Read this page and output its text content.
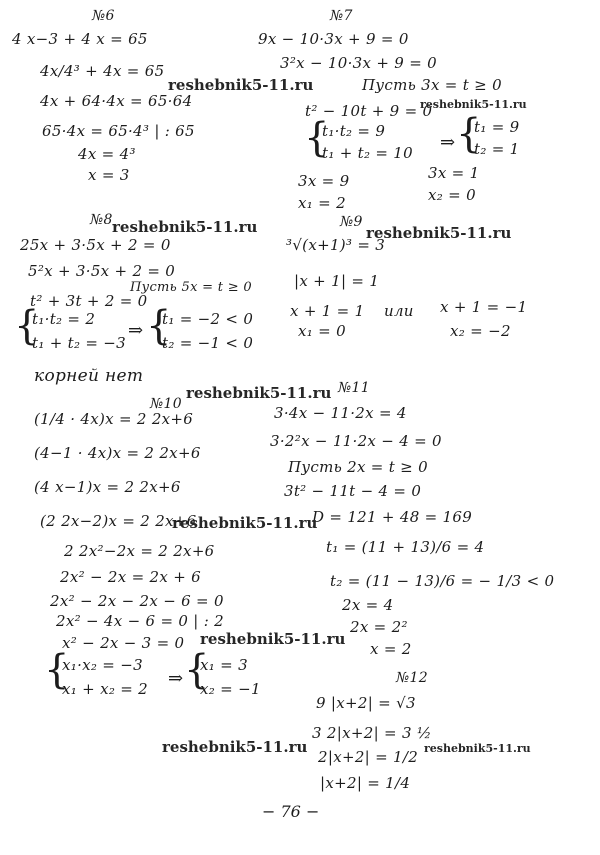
№6
4 x−3 + 4 x = 65
4x/4³ + 4x = 65
4x + 64·4x = 65·64
65·4x = 65·4³ | : 65
4x = 4³
x = 3
№7
9x − 10·3x + 9 = 0
3²x − 10·3x + 9 = 0
Пусть 3x = t ≥ 0
t² − 10t + 9 = 0
{
t₁·t₂ = 9
t₁ + t₂ = 10 ⇒ {
t₁ = 9
t₂ = 1
3x = 9	3x = 1
x₁ = 2	x₂ = 0
№8
25x + 3·5x + 2 = 0
5²x + 3·5x + 2 = 0
Пусть 5x = t ≥ 0
t² + 3t + 2 = 0
{
t₁·t₂ = 2
t₁ + t₂ = −3
⇒ {
t₁ = −2 < 0
t₂ = −1 < 0
корней нет
№9
³√(x+1)³ = 3
|x + 1| = 1
x + 1 = 1 или x + 1 = −1
x₁ = 0	x₂ = −2
№10
(1/4 · 4x)x = 2 2x+6
(4−1 · 4x)x = 2 2x+6
(4 x−1)x = 2 2x+6
(2 2x−2)x = 2 2x+6
2 2x²−2x = 2 2x+6
2x² − 2x = 2x + 6
2x² − 2x − 2x − 6 = 0
2x² − 4x − 6 = 0 | : 2
x² − 2x − 3 = 0
{
x₁·x₂ = −3
x₁ + x₂ = 2 ⇒ {
x₁ = 3
x₂ = −1
№11
3·4x − 11·2x = 4
3·2²x − 11·2x − 4 = 0
Пусть 2x = t ≥ 0
3t² − 11t − 4 = 0
D = 121 + 48 = 169
t₁ = (11 + 13)/6 = 4
t₂ = (11 − 13)/6 = − 1/3 < 0
2x = 4
2x = 2²
x = 2
№12
9 |x+2| = √3
3 2|x+2| = 3 ½
2|x+2| = 1/2
|x+2| = 1/4
reshebnik5-11.ru
reshebnik5-11.ru
reshebnik5-11.ru	reshebnik5-11.ru
reshebnik5-11.ru
reshebnik5-11.ru
reshebnik5-11.ru
reshebnik5-11.ru	reshebnik5-11.ru
− 76 −
